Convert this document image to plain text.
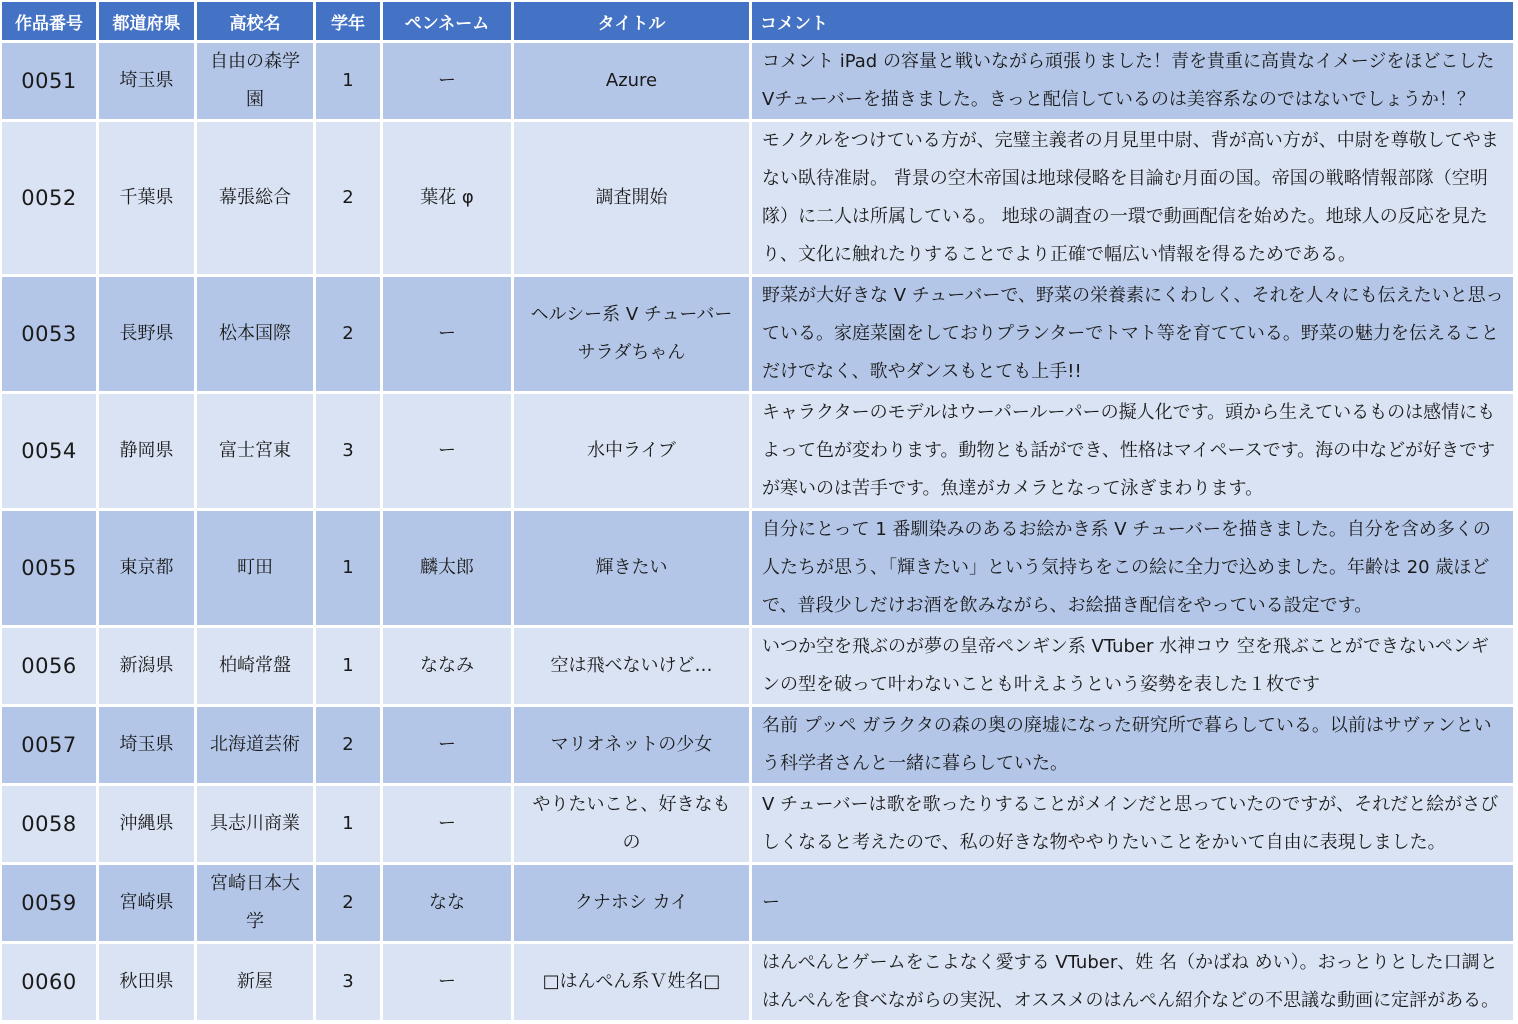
作品番号	都道府県	高校名	学年	ペンネーム	タイトル	コメント
0051	埼玉県	自由の森学園	1	ー	Azure	コメント iPad の容量と戦いながら頑張りました！青を貴重に高貴なイメージをほどこしたVチューバーを描きました。きっと配信しているのは美容系なのではないでしょうか！？
0052	千葉県	幕張総合	2	葉花 φ	調査開始	モノクルをつけている方が、完璧主義者の月見里中尉、背が高い方が、中尉を尊敬してやまない臥待准尉。 背景の空木帝国は地球侵略を目論む月面の国。帝国の戦略情報部隊（空明隊）に二人は所属している。 地球の調査の一環で動画配信を始めた。地球人の反応を見たり、文化に触れたりすることでより正確で幅広い情報を得るためである。
0053	長野県	松本国際	2	ー	ヘルシー系 V チューバー サラダちゃん	野菜が大好きな V チューバーで、野菜の栄養素にくわしく、それを人々にも伝えたいと思っている。家庭菜園をしておりプランターでトマト等を育てている。野菜の魅力を伝えることだけでなく、歌やダンスもとても上手!!
0054	静岡県	富士宮東	3	ー	水中ライブ	キャラクターのモデルはウーパールーパーの擬人化です。頭から生えているものは感情にもよって色が変わります。動物とも話ができ、性格はマイペースです。海の中などが好きですが寒いのは苦手です。魚達がカメラとなって泳ぎまわります。
0055	東京都	町田	1	麟太郎	輝きたい	自分にとって 1 番馴染みのあるお絵かき系 V チューバーを描きました。自分を含め多くの人たちが思う、「輝きたい」という気持ちをこの絵に全力で込めました。年齢は 20 歳ほどで、普段少しだけお酒を飲みながら、お絵描き配信をやっている設定です。
0056	新潟県	柏崎常盤	1	ななみ	空は飛べないけど…	いつか空を飛ぶのが夢の皇帝ペンギン系 VTuber 水神コウ 空を飛ぶことができないペンギンの型を破って叶わないことも叶えようという姿勢を表した１枚です
0057	埼玉県	北海道芸術	2	ー	マリオネットの少女	名前 プッペ ガラクタの森の奥の廃墟になった研究所で暮らしている。以前はサヴァンという科学者さんと一緒に暮らしていた。
0058	沖縄県	具志川商業	1	ー	やりたいこと、好きなもの	V チューバーは歌を歌ったりすることがメインだと思っていたのですが、それだと絵がさびしくなると考えたので、私の好きな物ややりたいことをかいて自由に表現しました。
0059	宮崎県	宮崎日本大学	2	なな	クナホシ カイ	ー
0060	秋田県	新屋	3	ー	□はんぺん系Ｖ姓名□	はんぺんとゲームをこよなく愛する VTuber、姓 名（かばね めい）。おっとりとした口調とはんぺんを食べながらの実況、オススメのはんぺん紹介などの不思議な動画に定評がある。
